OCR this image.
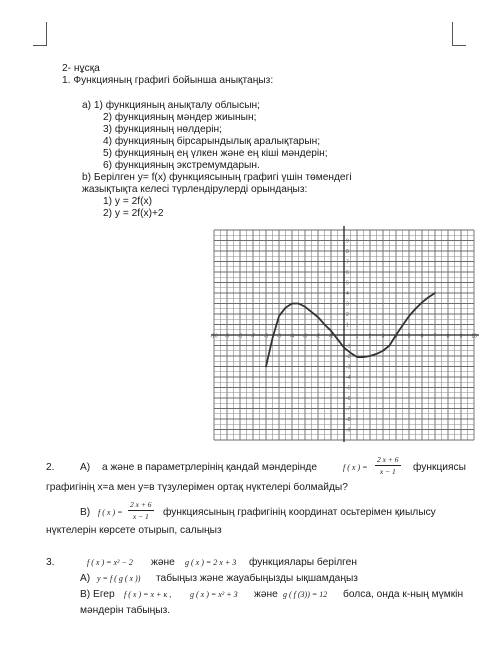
2- нұсқа
1. Функцияның графигі бойынша анықтаңыз:
a) 1) функцияның анықталу облысын;
2) функцияның мәндер жиынын;
3) функцияның нөлдерін;
4) функцияның бірсарындылық аралықтарын;
5) функцияның ең үлкен және ең кіші мәндерін;
6) функцияның экстремумдарын.
b) Берілген y= f(x) функциясының графигі үшін төмендегі
жазықтықта келесі түрлендірулерді орындаңыз:
1) y = 2f(x)
2) y = 2f(x)+2
-10 -9 -8 -7 -6 -5 -4 -3 -2 -1	1 2 3 4 5 6 7 8 9 10
9
8
7
6
5
4
3
2
1
-1
-2
-3
-4
-5
-6
-7
-8
-9
2.	A) а және в параметрлерінің қандай мәндерінде	f ( x ) = $\frac{2 x + 6}{x - 1}$ функциясы
графигінің х=а мен у=в түзулерімен ортақ нүктелері болмайды?
B) f ( x ) = $\frac{2 x + 6}{x - 1}$ функциясының графигінің координат осьтерімен қиылысу
нүктелерін көрсете отырып, салыңыз
3.	f ( x ) = x² − 2 және g ( x ) = 2 x + 3 функциялары берілген
A) y = f ( g ( x )) табыңыз және жауабыңызды ықшамдаңыз
B) Егер f ( x ) = x + к , g ( x ) = x² + 3 және g ( f (3)) = 12 болса, онда к-ның мүмкін
мәндерін табыңыз.
